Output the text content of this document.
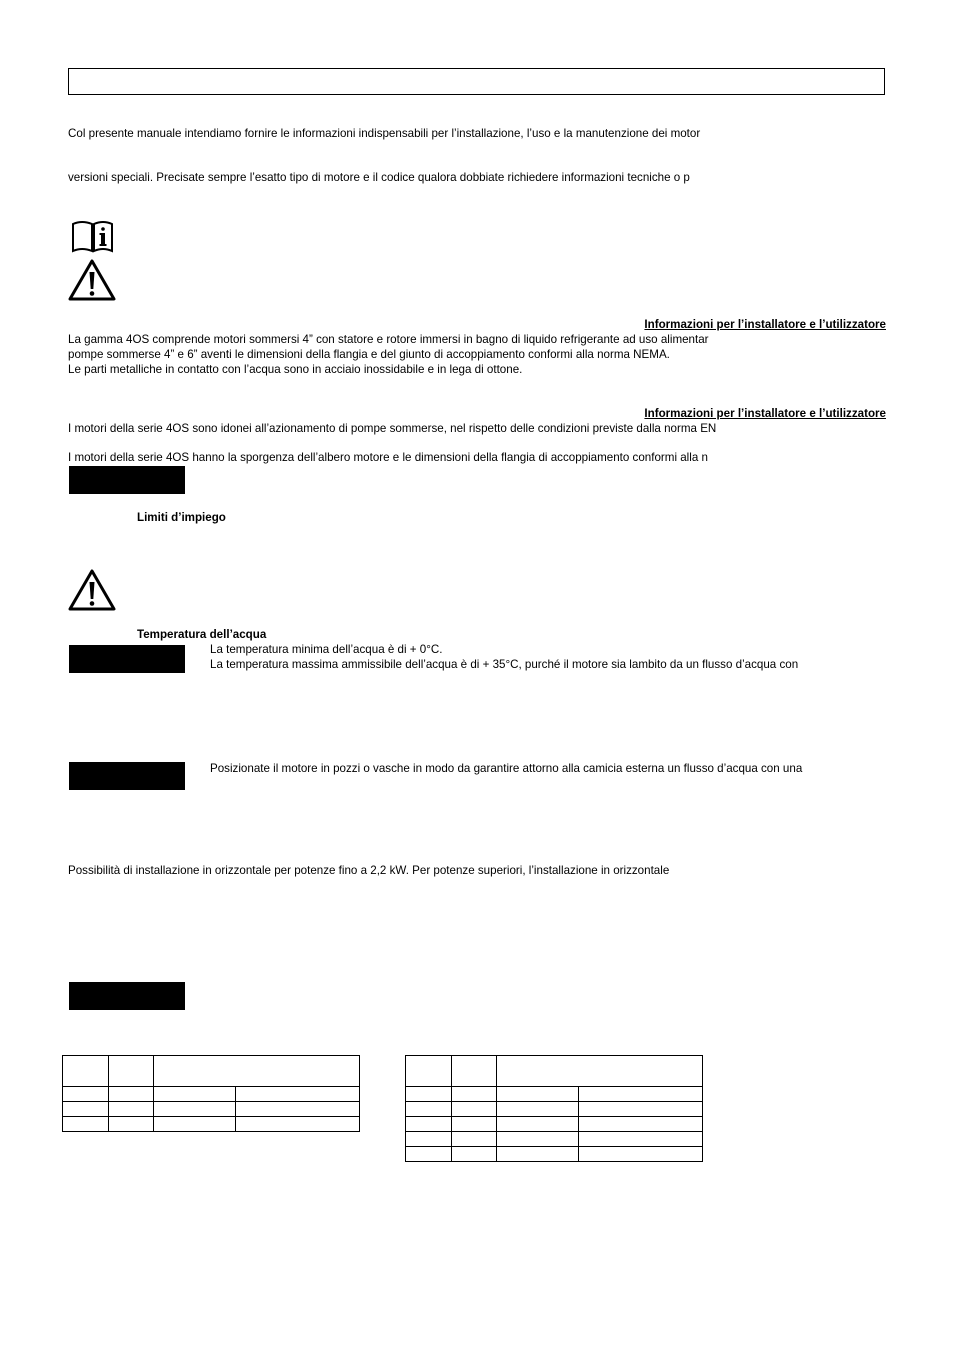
Col presente manuale intendiamo fornire le informazioni indispensabili per l’installazione, l’uso e la manutenzione dei motor
versioni speciali. Precisate sempre l’esatto tipo di motore e il codice qualora dobbiate richiedere informazioni tecniche o p
Informazioni per l’installatore e l’utilizzatore
La gamma 4OS comprende motori sommersi 4” con statore e rotore immersi in bagno di liquido refrigerante ad uso alimentar
pompe sommerse 4” e 6” aventi le dimensioni della flangia e del giunto di accoppiamento conformi alla norma NEMA.
Le parti metalliche in contatto con l’acqua sono in acciaio inossidabile e in lega di ottone.
Informazioni per l’installatore e l’utilizzatore
I motori della serie 4OS sono idonei all’azionamento di pompe sommerse, nel rispetto delle condizioni previste dalla norma EN
I motori della serie 4OS hanno la sporgenza dell’albero motore e le dimensioni della flangia di accoppiamento conformi alla n
Limiti d’impiego
Temperatura dell’acqua
La temperatura minima dell’acqua è di + 0°C.
La temperatura massima ammissibile dell’acqua è di + 35°C, purché il motore sia lambito da un flusso d’acqua con
Posizionate il motore in pozzi o vasche in modo da garantire attorno alla camicia esterna un flusso d’acqua con una
Possibilità di installazione in orizzontale per potenze fino a 2,2 kW. Per potenze superiori, l’installazione in orizzontale
